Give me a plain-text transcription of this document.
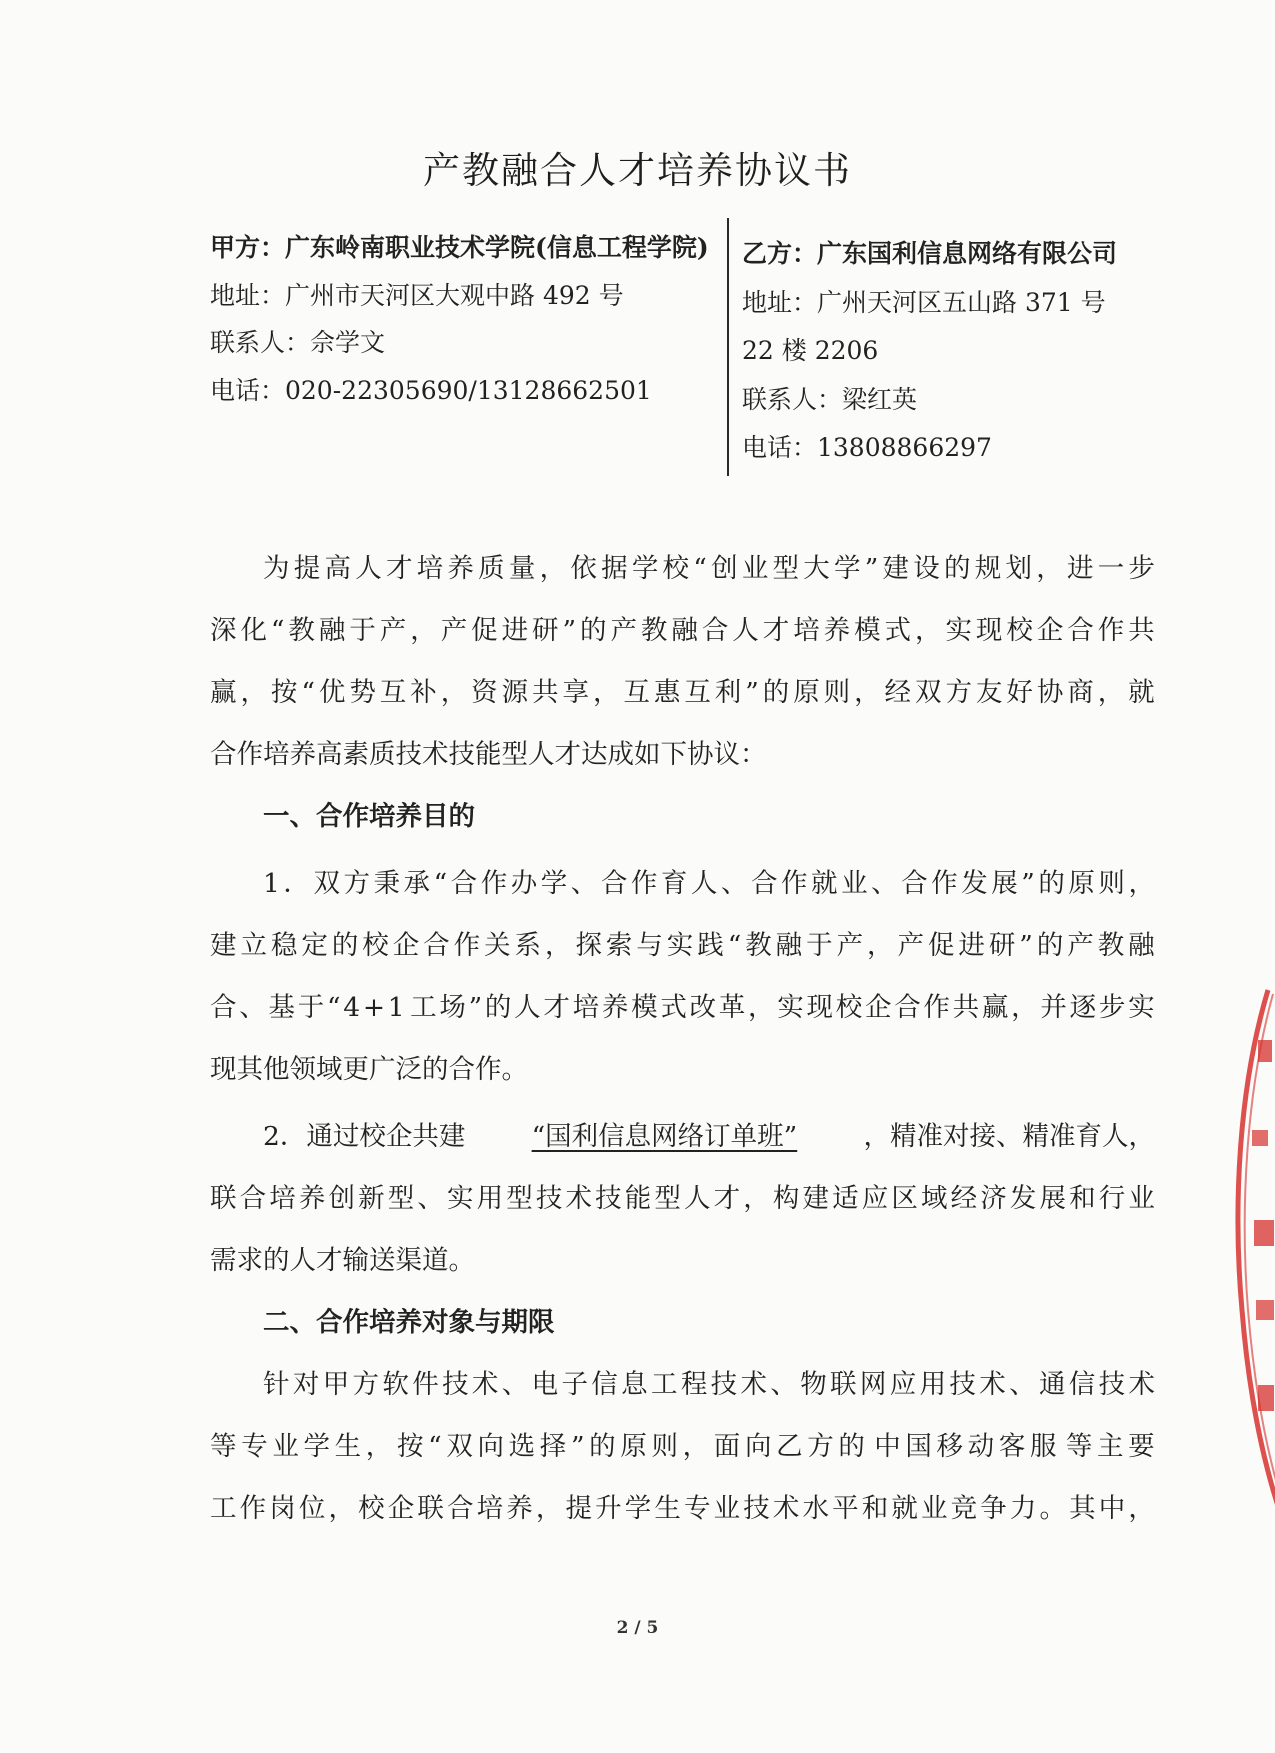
产教融合人才培养协议书
甲方：广东岭南职业技术学院(信息工程学院)
地址：广州市天河区大观中路 492 号
联系人：佘学文
电话：020-22305690/13128662501
乙方：广东国利信息网络有限公司
地址：广州天河区五山路 371 号
22 楼 2206
联系人：梁红英
电话：13808866297
为 提 高 人 才 培 养 质 量 ， 依 据 学 校 “ 创 业 型 大 学 ” 建 设 的 规 划 ， 进 一 步
深 化 “ 教 融 于 产 ， 产 促 进 研 ” 的 产 教 融 合 人 才 培 养 模 式 ， 实 现 校 企 合 作 共
赢 ， 按 “ 优 势 互 补 ， 资 源 共 享 ， 互 惠 互 利 ” 的 原 则 ， 经 双 方 友 好 协 商 ， 就
合作培养高素质技术技能型人才达成如下协议：
一、合作培养目的
1 ． 双 方 秉 承 “ 合 作 办 学 、 合 作 育 人 、 合 作 就 业 、 合 作 发 展 ” 的 原 则 ，
建 立 稳 定 的 校 企 合 作 关 系 ， 探 索 与 实 践 “ 教 融 于 产 ， 产 促 进 研 ” 的 产 教 融
合 、 基 于 “ 4 + 1 工 场 ” 的 人 才 培 养 模 式 改 革 ， 实 现 校 企 合 作 共 赢 ， 并 逐 步 实
现其他领域更广泛的合作。
2．通过校企共建	“国利信息网络订单班”	，精准对接、精准育人，
联 合 培 养 创 新 型 、 实 用 型 技 术 技 能 型 人 才 ， 构 建 适 应 区 域 经 济 发 展 和 行 业
需求的人才输送渠道。
二、合作培养对象与期限
针 对 甲 方 软 件 技 术 、 电 子 信 息 工 程 技 术 、 物 联 网 应 用 技 术 、 通 信 技 术
等 专 业 学 生 ， 按 “ 双 向 选 择 ” 的 原 则 ， 面 向 乙 方 的 中 国 移 动 客 服 等 主 要
工 作 岗 位 ， 校 企 联 合 培 养 ， 提 升 学 生 专 业 技 术 水 平 和 就 业 竞 争 力 。 其 中 ，
2 / 5
